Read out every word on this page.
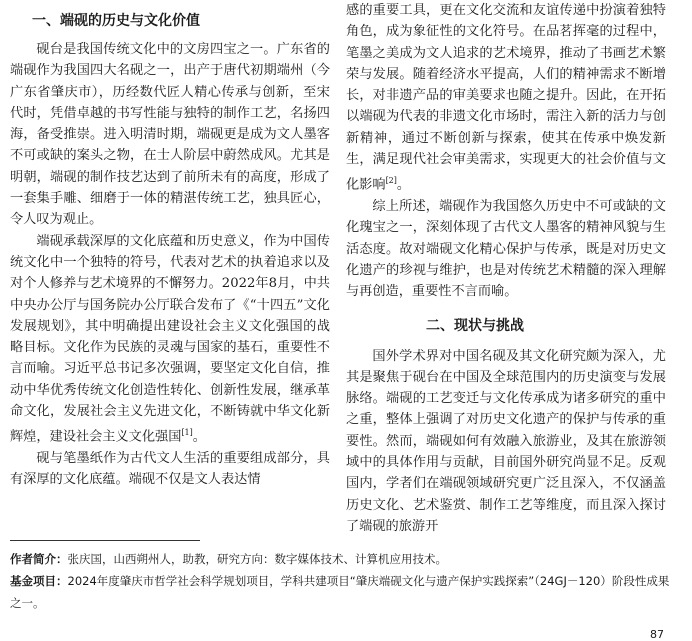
一、端砚的历史与文化价值

砚台是我国传统文化中的文房四宝之一。广东省的端砚作为我国四大名砚之一，出产于唐代初期端州（今广东省肇庆市），历经数代匠人精心传承与创新，至宋代时，凭借卓越的书写性能与独特的制作工艺，名扬四海，备受推崇。进入明清时期，端砚更是成为文人墨客不可或缺的案头之物，在士人阶层中蔚然成风。尤其是明朝，端砚的制作技艺达到了前所未有的高度，形成了一套集手雕、细磨于一体的精湛传统工艺，独具匠心，令人叹为观止。

端砚承载深厚的文化底蕴和历史意义，作为中国传统文化中一个独特的符号，代表对艺术的执着追求以及对个人修养与艺术境界的不懈努力。2022年8月，中共中央办公厅与国务院办公厅联合发布了《“十四五”文化发展规划》，其中明确提出建设社会主义文化强国的战略目标。文化作为民族的灵魂与国家的基石，重要性不言而喻。习近平总书记多次强调，要坚定文化自信，推动中华优秀传统文化创造性转化、创新性发展，继承革命文化，发展社会主义先进文化，不断铸就中华文化新辉煌，建设社会主义文化强国[1]。

砚与笔墨纸作为古代文人生活的重要组成部分，具有深厚的文化底蕴。端砚不仅是文人表达情

感的重要工具，更在文化交流和友谊传递中扮演着独特角色，成为象征性的文化符号。在品茗挥毫的过程中，笔墨之美成为文人追求的艺术境界，推动了书画艺术繁荣与发展。随着经济水平提高，人们的精神需求不断增长，对非遗产品的审美要求也随之提升。因此，在开拓以端砚为代表的非遗文化市场时，需注入新的活力与创新精神，通过不断创新与探索，使其在传承中焕发新生，满足现代社会审美需求，实现更大的社会价值与文化影响[2]。

综上所述，端砚作为我国悠久历史中不可或缺的文化瑰宝之一，深刻体现了古代文人墨客的精神风貌与生活态度。故对端砚文化精心保护与传承，既是对历史文化遗产的珍视与维护，也是对传统艺术精髓的深入理解与再创造，重要性不言而喻。

二、现状与挑战

国外学术界对中国名砚及其文化研究颇为深入，尤其是聚焦于砚台在中国及全球范围内的历史演变与发展脉络。端砚的工艺变迁与文化传承成为诸多研究的重中之重，整体上强调了对历史文化遗产的保护与传承的重要性。然而，端砚如何有效融入旅游业，及其在旅游领域中的具体作用与贡献，目前国外研究尚显不足。反观国内，学者们在端砚领域研究更广泛且深入，不仅涵盖历史文化、艺术鉴赏、制作工艺等维度，而且深入探讨了端砚的旅游开

作者简介：张庆国，山西朔州人，助教，研究方向：数字媒体技术、计算机应用技术。
基金项目：2024年度肇庆市哲学社会科学规划项目，学科共建项目“肇庆端砚文化与遗产保护实践探索”（24GJ－120）阶段性成果之一。
87
